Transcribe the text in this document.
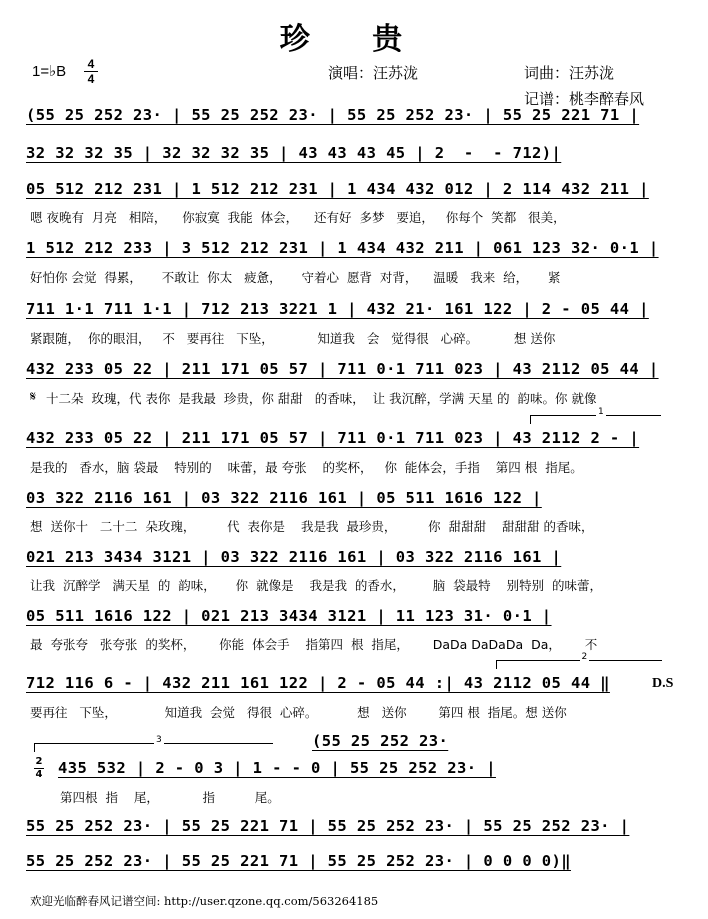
珍 贵
1=♭B	4
4	演唱：汪苏泷	词曲：汪苏泷
记谱：桃李醉春风
(55 25 252 23· | 55 25 252 23· | 55 25 252 23· | 55 25 221 71 |
32 32 32 35 | 32 32 32 35 | 43 43 43 45 | 2  -  - 712)|
05 512 212 231 | 1 512 212 231 | 1 434 432 012 | 2 114 432 211 |
嗯 夜晚有  月亮   相陪，    你寂寞  我能  体会，    还有好  多梦   要追，   你每个  笑都   很美，
1 512 212 233 | 3 512 212 231 | 1 434 432 211 | 061 123 32· 0·1 |
好怕你 会觉  得累，     不敢让  你太   疲惫，     守着心  愿背  对背，    温暖   我来  给，     紧
711 1·1 711 1·1 | 712 213 3221 1 | 432 21· 161 122 | 2 - 05 44 |
紧跟随，  你的眼泪，   不   要再往   下坠，           知道我   会   觉得很   心碎。         想 送你
𝄋
432 233 05 22 | 211 171 05 57 | 711 0·1 711 023 | 43 2112 05 44 |
十二朵  玫瑰，代 表你  是我最  珍贵，你 甜甜   的香味，  让 我沉醉，学满 天星 的  韵味。你 就像
1
432 233 05 22 | 211 171 05 57 | 711 0·1 711 023 | 43 2112 2 - |
是我的   香水，脑 袋最    特别的    味蕾，最 夸张    的奖杯，   你  能体会，手指    第四 根  指尾。
03 322 2116 161 | 03 322 2116 161 | 05 511 1616 122 |
想  送你十   二十二  朵玫瑰，        代  表你是    我是我  最珍贵，        你  甜甜甜    甜甜甜 的香味，
021 213 3434 3121 | 03 322 2116 161 | 03 322 2116 161 |
让我  沉醉学   满天星  的  韵味，     你  就像是    我是我  的香水，       脑  袋最特    别特别  的味蕾，
05 511 1616 122 | 021 213 3434 3121 | 11 123 31· 0·1 |
最  夸张夸   张夸张  的奖杯，      你能  体会手    指第四  根  指尾，      DaDa DaDaDa  Da，      不
2
712 116 6 - | 432 211 161 122 | 2 - 05 44 :| 43 2112 05 44 ‖	D.S
要再往   下坠，            知道我  会觉   得很  心碎。          想   送你        第四 根  指尾。想 送你
3	(55 25 252 23·
2
4 435 532 | 2 - 0 3 | 1 - - 0 | 55 25 252 23· |
第四根  指    尾，           指          尾。
55 25 252 23· | 55 25 221 71 | 55 25 252 23· | 55 25 252 23· |
55 25 252 23· | 55 25 221 71 | 55 25 252 23· | 0 0 0 0)‖
欢迎光临醉春风记谱空间: http://user.qzone.qq.com/563264185
